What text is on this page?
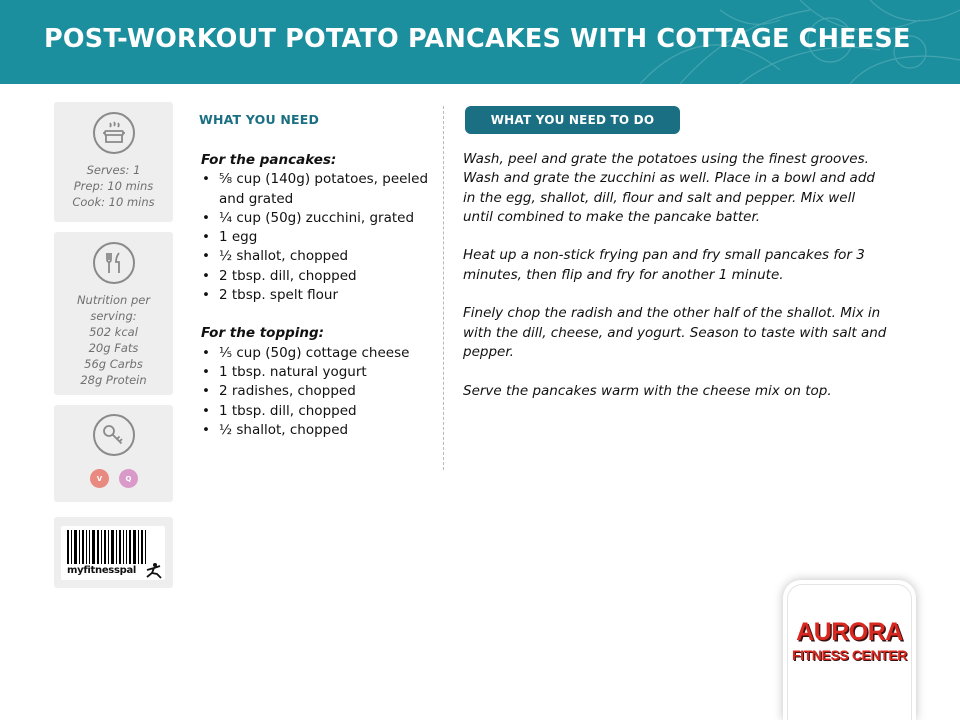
POST-WORKOUT POTATO PANCAKES WITH COTTAGE CHEESE
Serves: 1
Prep: 10 mins
Cook: 10 mins
Nutrition per
serving:
502 kcal
20g Fats
56g Carbs
28g Protein
V	Q
myfitnesspal
WHAT YOU NEED
For the pancakes:
• ⅝ cup (140g) potatoes, peeled and grated
• ¼ cup (50g) zucchini, grated
• 1 egg
• ½ shallot, chopped
• 2 tbsp. dill, chopped
• 2 tbsp. spelt flour
For the topping:
• ⅕ cup (50g) cottage cheese
• 1 tbsp. natural yogurt
• 2 radishes, chopped
• 1 tbsp. dill, chopped
• ½ shallot, chopped
WHAT YOU NEED TO DO

Wash, peel and grate the potatoes using the finest grooves. Wash and grate the zucchini as well. Place in a bowl and add in the egg, shallot, dill, flour and salt and pepper. Mix well until combined to make the pancake batter.

Heat up a non-stick frying pan and fry small pancakes for 3 minutes, then flip and fry for another 1 minute.

Finely chop the radish and the other half of the shallot. Mix in with the dill, cheese, and yogurt. Season to taste with salt and pepper.

Serve the pancakes warm with the cheese mix on top.

AURORA
FITNESS CENTER
